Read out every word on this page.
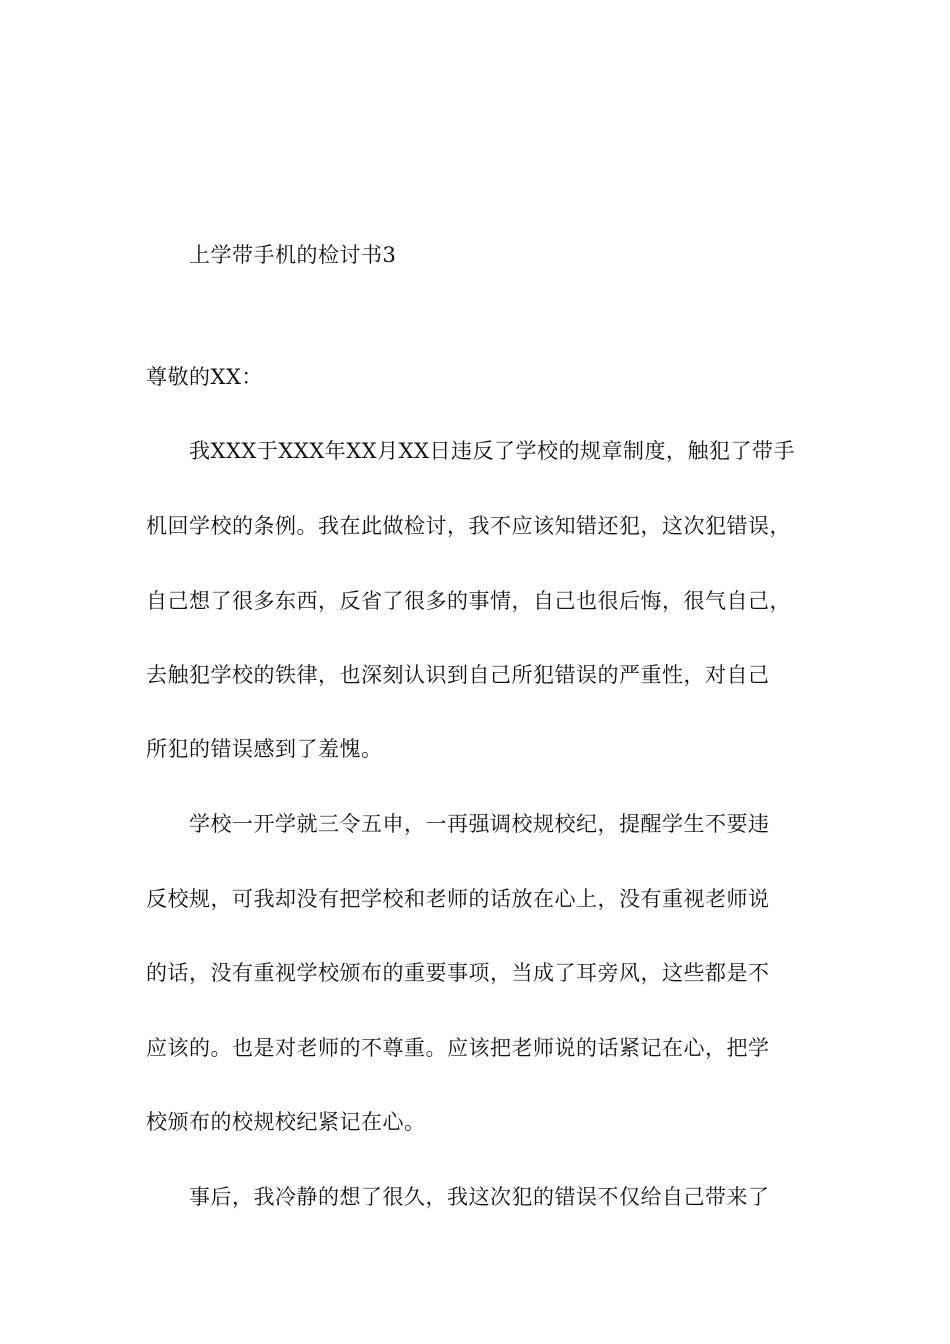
上学带手机的检讨书3
尊敬的XX：
我XXX于XXX年XX月XX日违反了学校的规章制度，触犯了带手
机回学校的条例。我在此做检讨，我不应该知错还犯，这次犯错误，
自己想了很多东西，反省了很多的事情，自己也很后悔，很气自己，
去触犯学校的铁律，也深刻认识到自己所犯错误的严重性，对自己
所犯的错误感到了羞愧。
学校一开学就三令五申，一再强调校规校纪，提醒学生不要违
反校规，可我却没有把学校和老师的话放在心上，没有重视老师说
的话，没有重视学校颁布的重要事项，当成了耳旁风，这些都是不
应该的。也是对老师的不尊重。应该把老师说的话紧记在心，把学
校颁布的校规校纪紧记在心。
事后，我冷静的想了很久，我这次犯的错误不仅给自己带来了
